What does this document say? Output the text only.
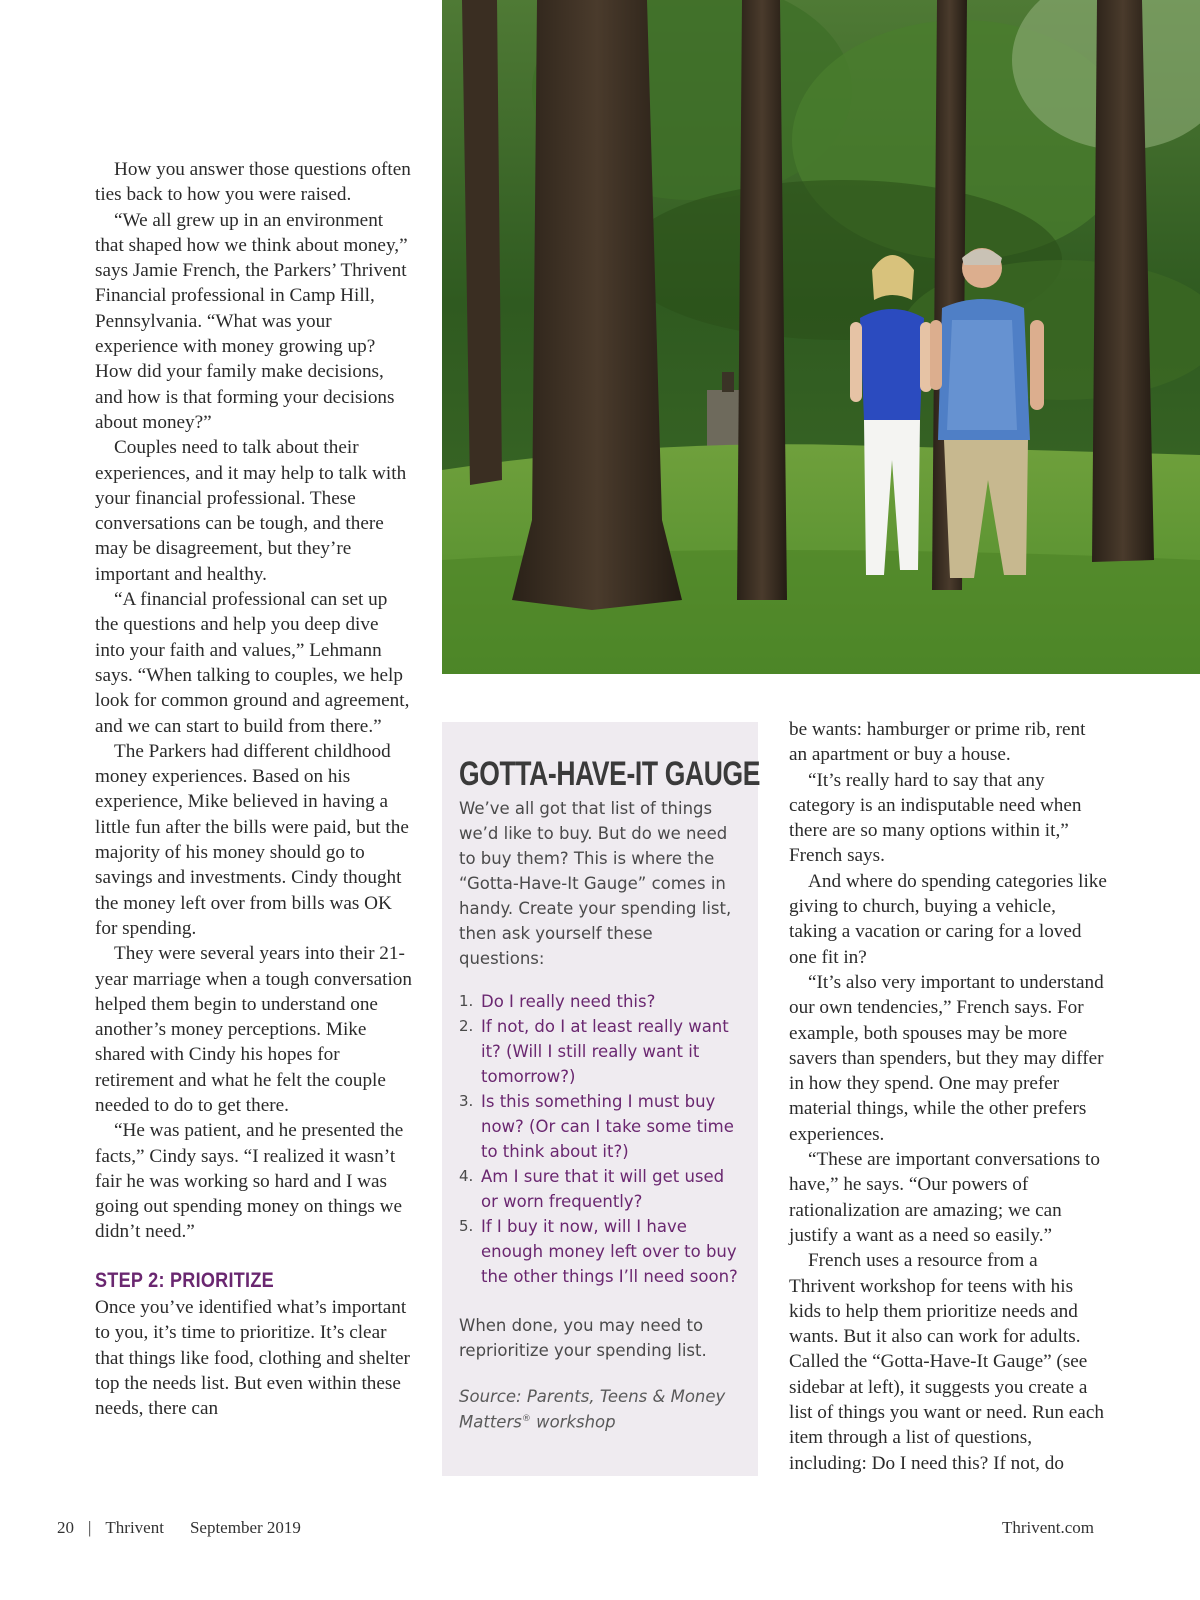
How you answer those questions often ties back to how you were raised.

“We all grew up in an environment that shaped how we think about money,” says Jamie French, the Parkers’ Thrivent Financial professional in Camp Hill, Pennsylvania. “What was your experience with money growing up? How did your family make decisions, and how is that forming your decisions about money?”

Couples need to talk about their experiences, and it may help to talk with your financial professional. These conversations can be tough, and there may be disagreement, but they’re important and healthy.

“A financial professional can set up the questions and help you deep dive into your faith and values,” Lehmann says. “When talking to couples, we help look for common ground and agreement, and we can start to build from there.”

The Parkers had different childhood money experiences. Based on his experience, Mike believed in having a little fun after the bills were paid, but the majority of his money should go to savings and investments. Cindy thought the money left over from bills was OK for spending.

They were several years into their 21-year marriage when a tough conversation helped them begin to understand one another’s money perceptions. Mike shared with Cindy his hopes for retirement and what he felt the couple needed to do to get there.

“He was patient, and he presented the facts,” Cindy says. “I realized it wasn’t fair he was working so hard and I was going out spending money on things we didn’t need.”

STEP 2: PRIORITIZE

Once you’ve identified what’s important to you, it’s time to prioritize. It’s clear that things like food, clothing and shelter top the needs list. But even within these needs, there can

GOTTA-HAVE-IT GAUGE

We’ve all got that list of things we’d like to buy. But do we need to buy them? This is where the “Gotta-Have-It Gauge” comes in handy. Create your spending list, then ask yourself these questions:

1. Do I really need this?
2. If not, do I at least really want it? (Will I still really want it tomorrow?)
3. Is this something I must buy now? (Or can I take some time to think about it?)
4. Am I sure that it will get used or worn frequently?
5. If I buy it now, will I have enough money left over to buy the other things I’ll need soon?

When done, you may need to reprioritize your spending list.

Source: Parents, Teens & Money Matters® workshop

be wants: hamburger or prime rib, rent an apartment or buy a house.

“It’s really hard to say that any category is an indisputable need when there are so many options within it,” French says.

And where do spending categories like giving to church, buying a vehicle, taking a vacation or caring for a loved one fit in?

“It’s also very important to understand our own tendencies,” French says. For example, both spouses may be more savers than spenders, but they may differ in how they spend. One may prefer material things, while the other prefers experiences.

“These are important conversations to have,” he says. “Our powers of rationalization are amazing; we can justify a want as a need so easily.”

French uses a resource from a Thrivent workshop for teens with his kids to help them prioritize needs and wants. But it also can work for adults. Called the “Gotta-Have-It Gauge” (see sidebar at left), it suggests you create a list of things you want or need. Run each item through a list of questions, including: Do I need this? If not, do

20 | Thrivent September 2019	Thrivent.com
